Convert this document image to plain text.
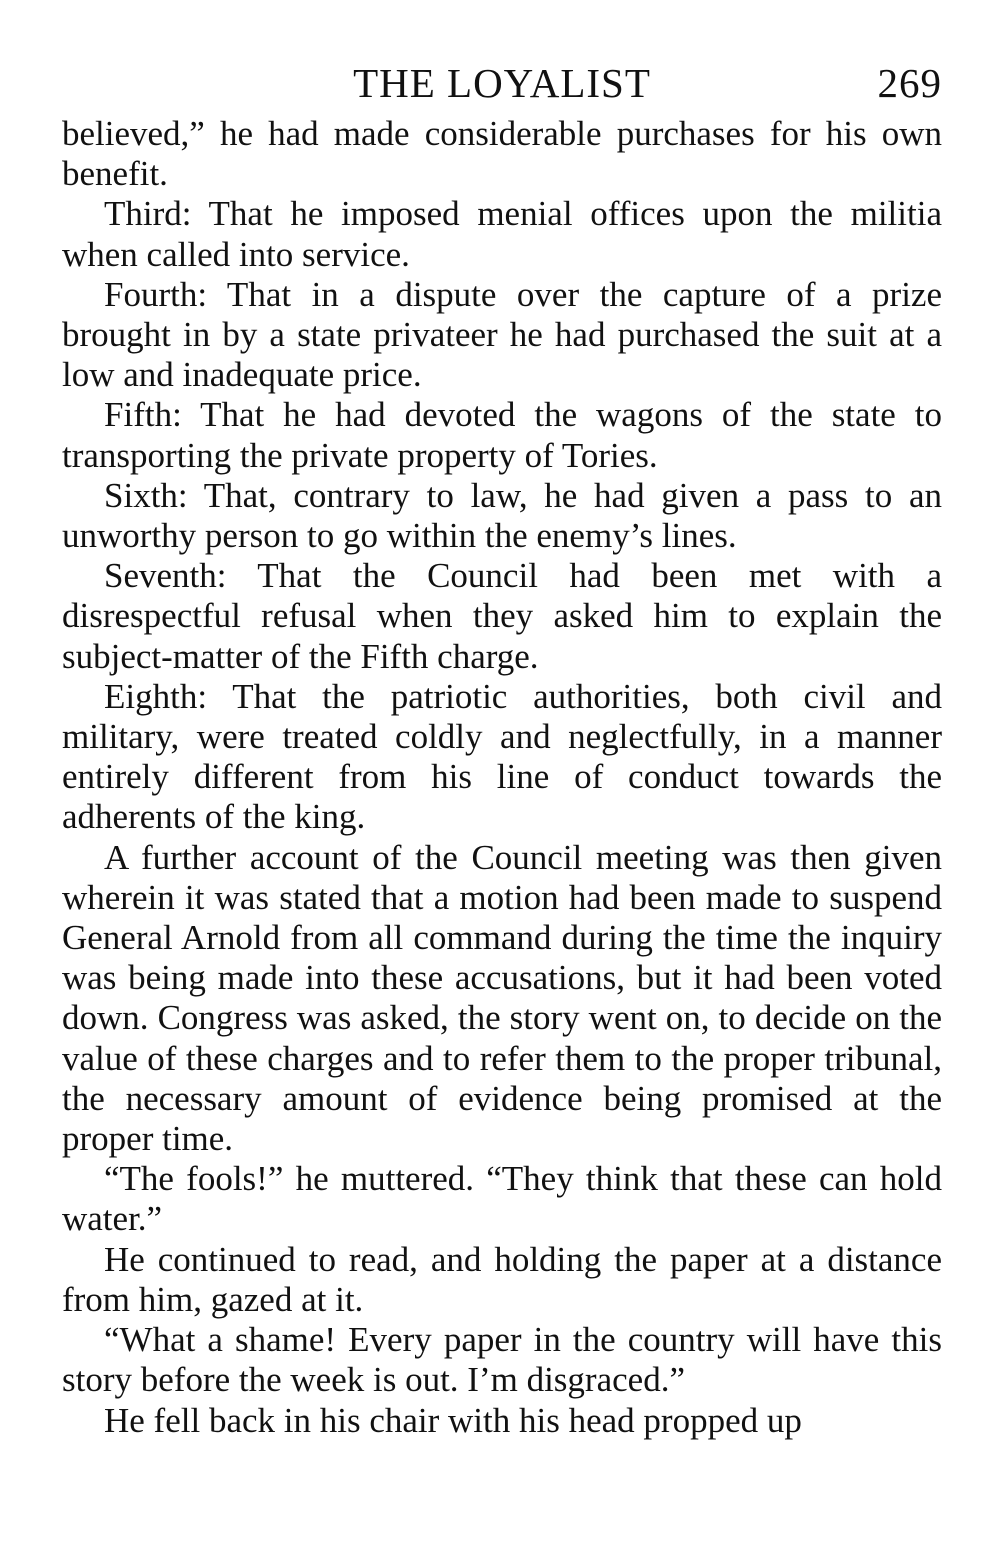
THE LOYALIST	269

believed,” he had made considerable purchases for his own benefit.

Third: That he imposed menial offices upon the militia when called into service.

Fourth: That in a dispute over the capture of a prize brought in by a state privateer he had purchased the suit at a low and inadequate price.

Fifth: That he had devoted the wagons of the state to transporting the private property of Tories.

Sixth: That, contrary to law, he had given a pass to an unworthy person to go within the enemy’s lines.

Seventh: That the Council had been met with a disrespectful refusal when they asked him to explain the subject-matter of the Fifth charge.

Eighth: That the patriotic authorities, both civil and military, were treated coldly and neglectfully, in a manner entirely different from his line of conduct towards the adherents of the king.

A further account of the Council meeting was then given wherein it was stated that a motion had been made to suspend General Arnold from all command during the time the inquiry was being made into these accusations, but it had been voted down. Congress was asked, the story went on, to decide on the value of these charges and to refer them to the proper tribunal, the necessary amount of evidence being promised at the proper time.

“The fools!” he muttered. “They think that these can hold water.”

He continued to read, and holding the paper at a distance from him, gazed at it.

“What a shame! Every paper in the country will have this story before the week is out. I’m disgraced.”

He fell back in his chair with his head propped up
